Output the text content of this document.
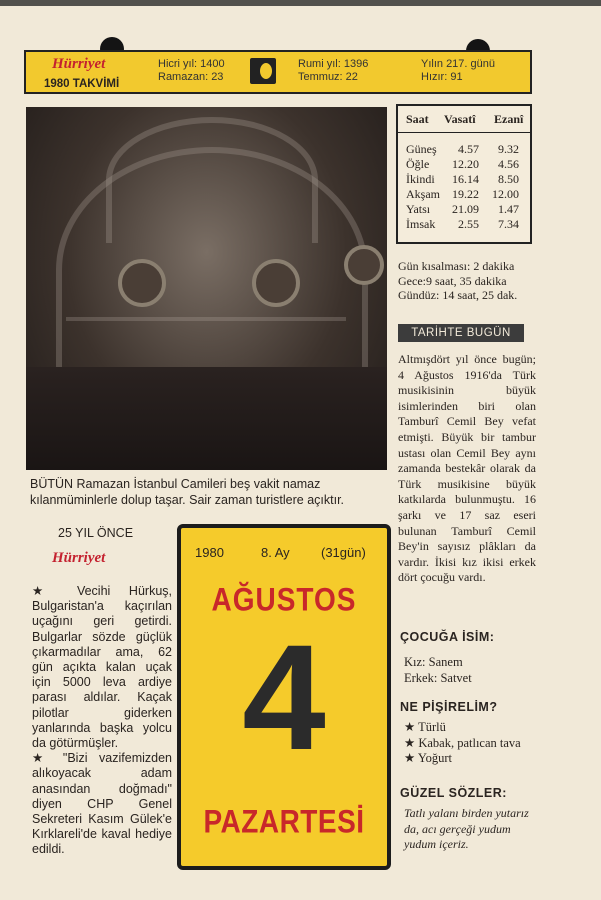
Hürriyet
1980 TAKVİMİ
Hicri yıl: 1400
Ramazan: 23
Rumi yıl: 1396
Temmuz: 22
Yılın 217. günü
Hızır: 91
BÜTÜN Ramazan İstanbul Camileri beş vakit namaz
kılanmüminlerle dolup taşar. Sair zaman turistlere açıktır.
Saat Vasatî Ezanî
Güneş 4.57 9.32
Öğle 12.20 4.56
İkindi 16.14 8.50
Akşam 19.22 12.00
Yatsı 21.09 1.47
İmsak 2.55 7.34
Gün kısalması: 2 dakika
Gece:9 saat, 35 dakika
Gündüz: 14 saat, 25 dak.
TARİHTE BUGÜN
Altmışdört yıl önce bugün; 4 Ağustos 1916'da Türk musikisinin büyük isimlerinden biri olan Tamburî Cemil Bey vefat etmişti. Büyük bir tambur ustası olan Cemil Bey aynı zamanda bestekâr olarak da Türk musikisine büyük katkılarda bulunmuştu. 16 şarkı ve 17 saz eseri bulunan Tamburî Cemil Bey'in sayısız plâkları da vardır. İkisi kız ikisi erkek dört çocuğu vardı.
25 YIL ÖNCE
Hürriyet
★ Vecihi Hürkuş, Bulgaristan'a kaçırılan uçağını geri getirdi. Bulgarlar sözde güçlük çıkarmadılar ama, 62 gün açıkta kalan uçak için 5000 leva ardiye parası aldılar. Kaçak pilotlar giderken yanlarında başka yolcu da götürmüşler.
★ "Bizi vazifemizden alıkoyacak adam anasından doğmadı" diyen CHP Genel Sekreteri Kasım Gülek'e Kırklareli'de kaval hediye edildi.
1980	8. Ay (31gün)
AĞUSTOS
4
PAZARTESİ
ÇOCUĞA İSİM:
Kız: Sanem
Erkek: Satvet
NE PİŞİRELİM?
★ Türlü
★ Kabak, patlıcan tava
★ Yoğurt
GÜZEL SÖZLER:
Tatlı yalanı birden yutarız da, acı gerçeği yudum yudum içeriz.
